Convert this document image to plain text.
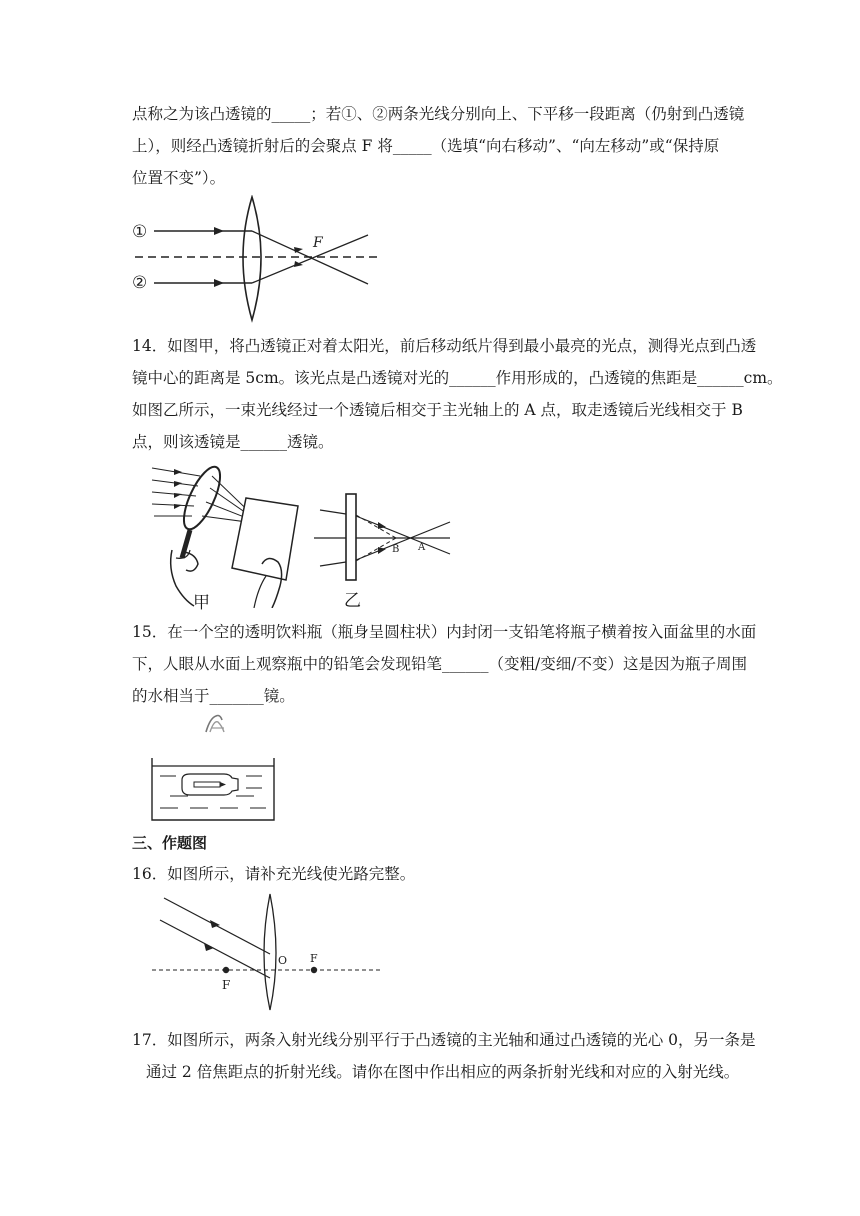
点称之为该凸透镜的_____；若①、②两条光线分别向上、下平移一段距离（仍射到凸透镜
上），则经凸透镜折射后的会聚点 F 将_____（选填“向右移动”、“向左移动”或“保持原
位置不变”）。
①
②
F
14．如图甲，将凸透镜正对着太阳光，前后移动纸片得到最小最亮的光点，测得光点到凸透
镜中心的距离是 5cm。该光点是凸透镜对光的______作用形成的，凸透镜的焦距是______cm。
如图乙所示，一束光线经过一个透镜后相交于主光轴上的 A 点，取走透镜后光线相交于 B
点，则该透镜是______透镜。
甲
B A
乙
15．在一个空的透明饮料瓶（瓶身呈圆柱状）内封闭一支铅笔将瓶子横着按入面盆里的水面
下，人眼从水面上观察瓶中的铅笔会发现铅笔______（变粗/变细/不变）这是因为瓶子周围
的水相当于_______镜。
三、作题图
16．如图所示，请补充光线使光路完整。
F
O F
17．如图所示，两条入射光线分别平行于凸透镜的主光轴和通过凸透镜的光心 0，另一条是
通过 2 倍焦距点的折射光线。请你在图中作出相应的两条折射光线和对应的入射光线。
